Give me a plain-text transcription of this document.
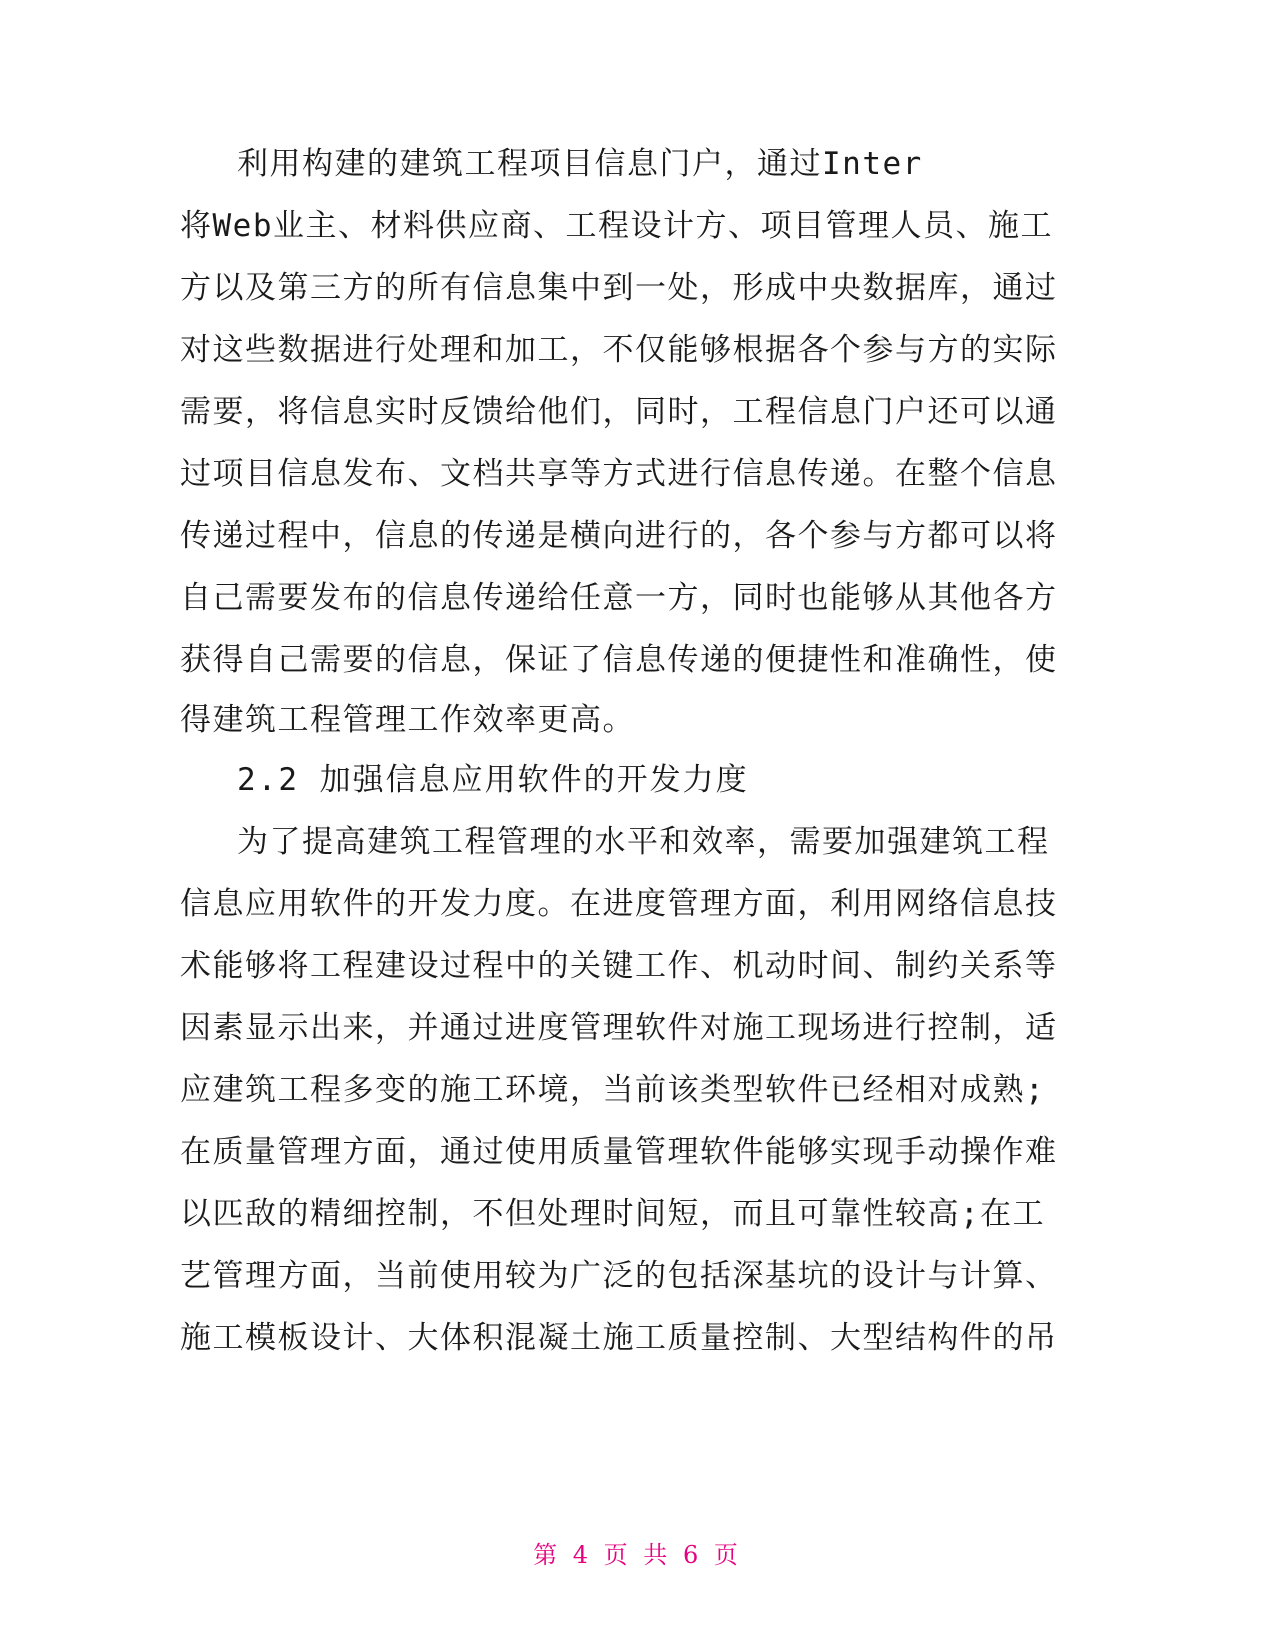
利用构建的建筑工程项目信息门户，通过Inter
将Web业主、材料供应商、工程设计方、项目管理人员、施工
方以及第三方的所有信息集中到一处，形成中央数据库，通过
对这些数据进行处理和加工，不仅能够根据各个参与方的实际
需要，将信息实时反馈给他们，同时，工程信息门户还可以通
过项目信息发布、文档共享等方式进行信息传递。在整个信息
传递过程中，信息的传递是横向进行的，各个参与方都可以将
自己需要发布的信息传递给任意一方，同时也能够从其他各方
获得自己需要的信息，保证了信息传递的便捷性和准确性，使
得建筑工程管理工作效率更高。
2.2 加强信息应用软件的开发力度
为了提高建筑工程管理的水平和效率，需要加强建筑工程
信息应用软件的开发力度。在进度管理方面，利用网络信息技
术能够将工程建设过程中的关键工作、机动时间、制约关系等
因素显示出来，并通过进度管理软件对施工现场进行控制，适
应建筑工程多变的施工环境，当前该类型软件已经相对成熟;
在质量管理方面，通过使用质量管理软件能够实现手动操作难
以匹敌的精细控制，不但处理时间短，而且可靠性较高;在工
艺管理方面，当前使用较为广泛的包括深基坑的设计与计算、
施工模板设计、大体积混凝土施工质量控制、大型结构件的吊
第 4 页 共 6 页
